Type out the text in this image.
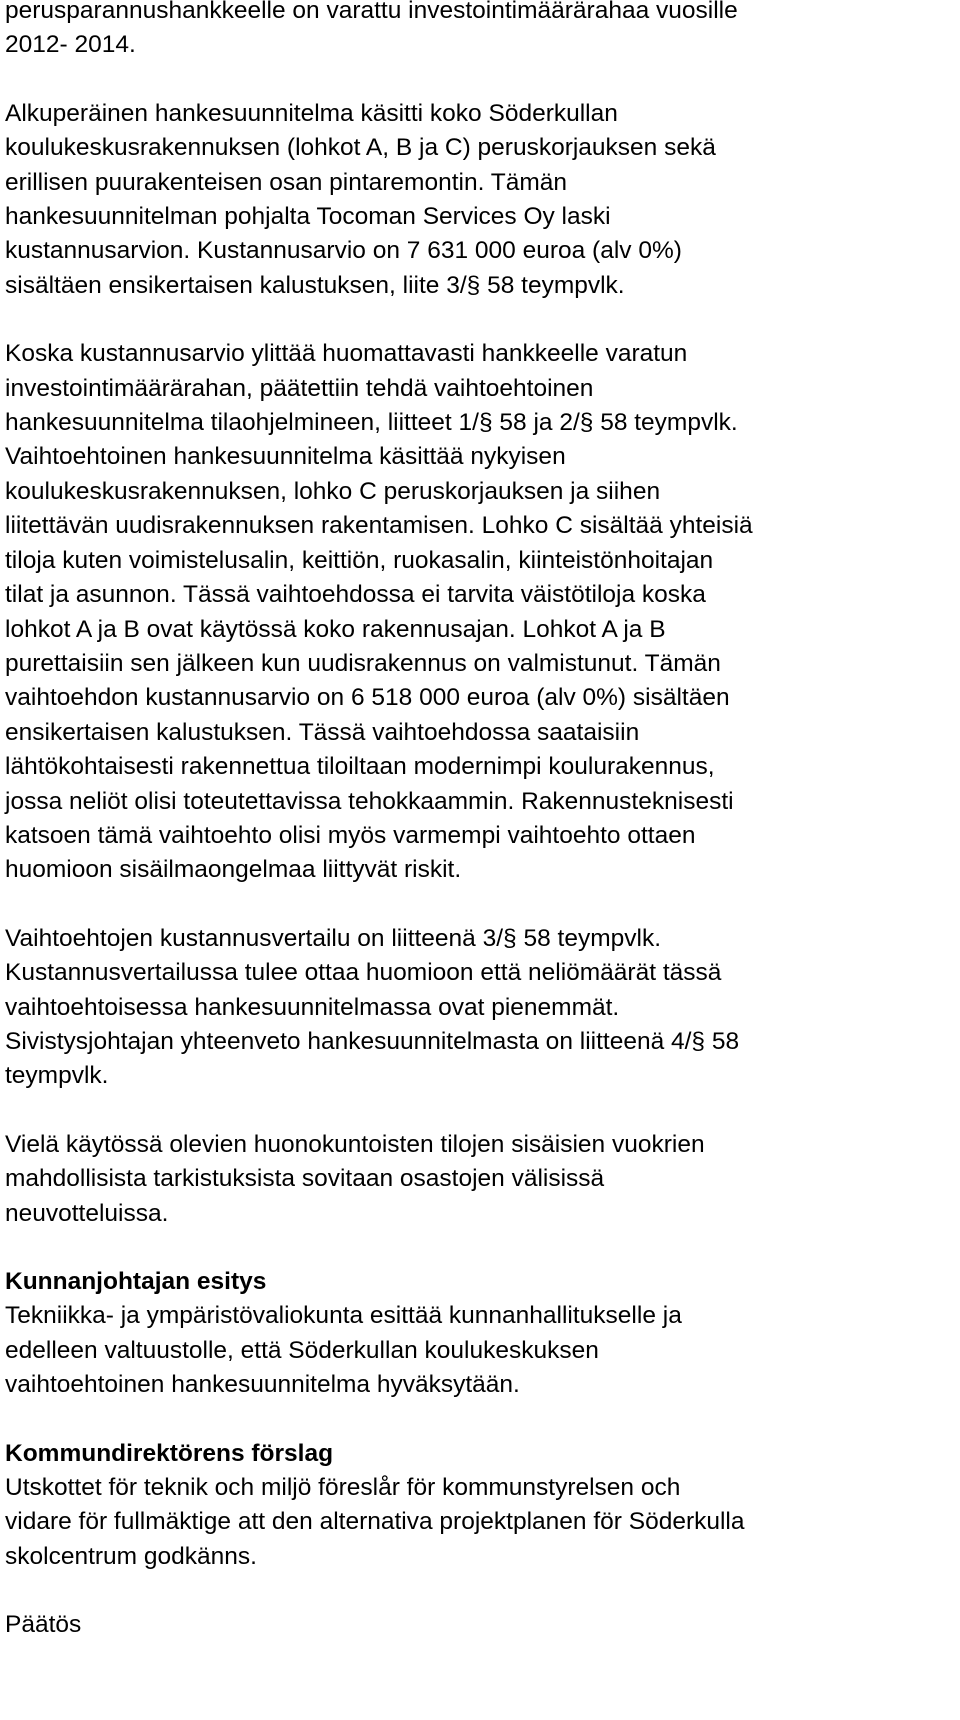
perusparannushankkeelle on varattu investointimäärärahaa vuosille
2012- 2014.

Alkuperäinen hankesuunnitelma käsitti koko Söderkullan
koulukeskusrakennuksen (lohkot A, B ja C) peruskorjauksen sekä
erillisen puurakenteisen osan pintaremontin. Tämän
hankesuunnitelman pohjalta Tocoman Services Oy laski
kustannusarvion. Kustannusarvio on 7 631 000 euroa (alv 0%)
sisältäen ensikertaisen kalustuksen, liite 3/§ 58 teympvlk.

Koska kustannusarvio ylittää huomattavasti hankkeelle varatun
investointimäärärahan, päätettiin tehdä vaihtoehtoinen
hankesuunnitelma tilaohjelmineen, liitteet 1/§ 58 ja 2/§ 58 teympvlk.
Vaihtoehtoinen hankesuunnitelma käsittää nykyisen
koulukeskusrakennuksen, lohko C peruskorjauksen ja siihen
liitettävän uudisrakennuksen rakentamisen. Lohko C sisältää yhteisiä
tiloja kuten voimistelusalin, keittiön, ruokasalin, kiinteistönhoitajan
tilat ja asunnon. Tässä vaihtoehdossa ei tarvita väistötiloja koska
lohkot A ja B ovat käytössä koko rakennusajan. Lohkot A ja B
purettaisiin sen jälkeen kun uudisrakennus on valmistunut. Tämän
vaihtoehdon kustannusarvio on 6 518 000 euroa (alv 0%) sisältäen
ensikertaisen kalustuksen. Tässä vaihtoehdossa saataisiin
lähtökohtaisesti rakennettua tiloiltaan modernimpi koulurakennus,
jossa neliöt olisi toteutettavissa tehokkaammin. Rakennusteknisesti
katsoen tämä vaihtoehto olisi myös varmempi vaihtoehto ottaen
huomioon sisäilmaongelmaa liittyvät riskit.

Vaihtoehtojen kustannusvertailu on liitteenä 3/§ 58 teympvlk.
Kustannusvertailussa tulee ottaa huomioon että neliömäärät tässä
vaihtoehtoisessa hankesuunnitelmassa ovat pienemmät.
Sivistysjohtajan yhteenveto hankesuunnitelmasta on liitteenä 4/§ 58
teympvlk.

Vielä käytössä olevien huonokuntoisten tilojen sisäisien vuokrien
mahdollisista tarkistuksista sovitaan osastojen välisissä
neuvotteluissa.

Kunnanjohtajan esitys

Tekniikka- ja ympäristövaliokunta esittää kunnanhallitukselle ja
edelleen valtuustolle, että Söderkullan koulukeskuksen
vaihtoehtoinen hankesuunnitelma hyväksytään.

Kommundirektörens förslag

Utskottet för teknik och miljö föreslår för kommunstyrelsen och
vidare för fullmäktige att den alternativa projektplanen för Söderkulla
skolcentrum godkänns.

Päätös
